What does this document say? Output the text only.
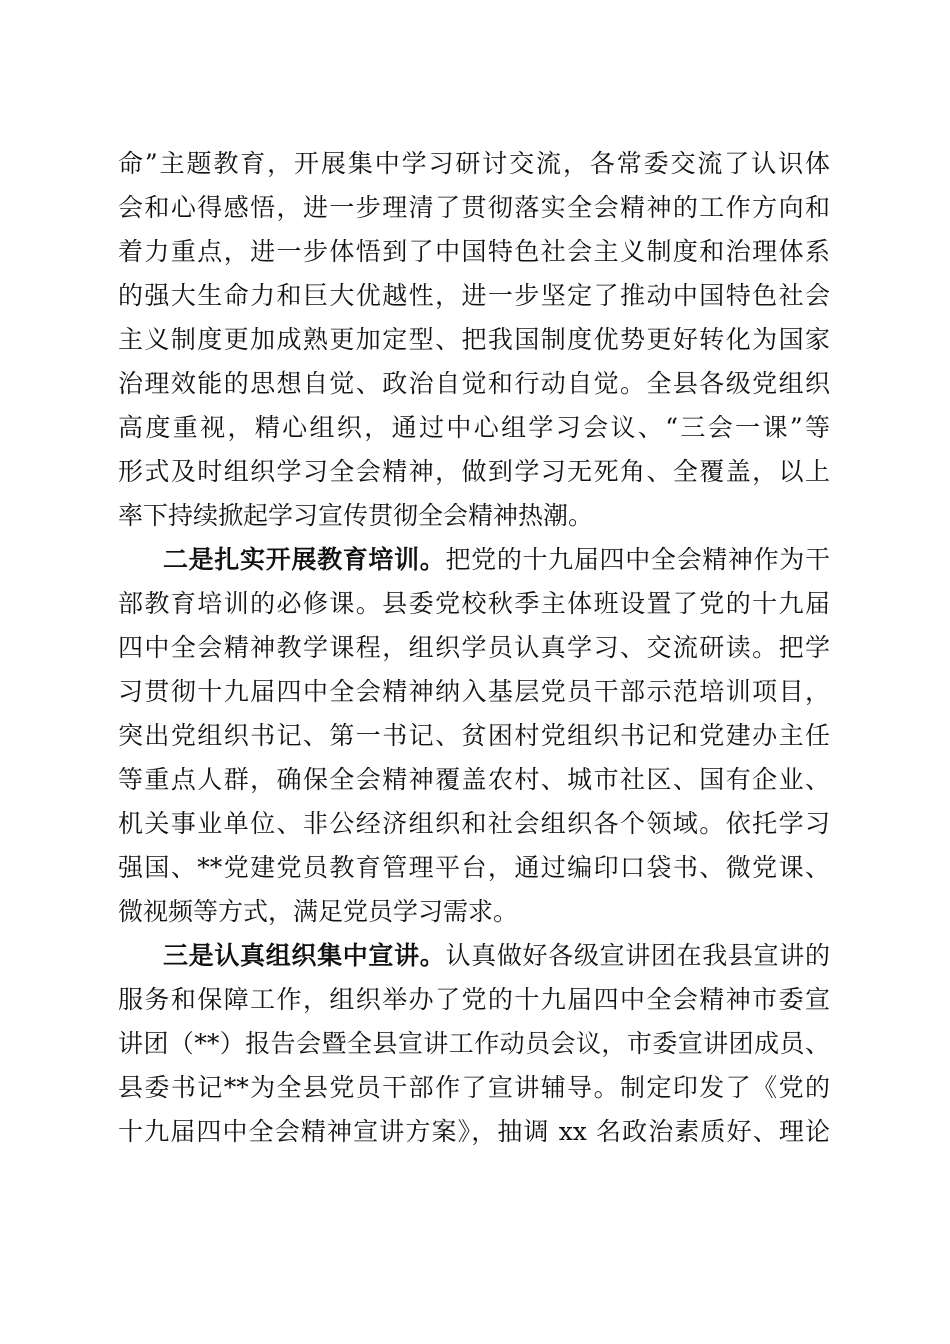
命”主题教育，开展集中学习研讨交流，各常委交流了认识体
会和心得感悟，进一步理清了贯彻落实全会精神的工作方向和
着力重点，进一步体悟到了中国特色社会主义制度和治理体系
的强大生命力和巨大优越性，进一步坚定了推动中国特色社会
主义制度更加成熟更加定型、把我国制度优势更好转化为国家
治理效能的思想自觉、政治自觉和行动自觉。全县各级党组织
高度重视，精心组织，通过中心组学习会议、“三会一课”等
形式及时组织学习全会精神，做到学习无死角、全覆盖，以上
率下持续掀起学习宣传贯彻全会精神热潮。
二是扎实开展教育培训。把党的十九届四中全会精神作为干
部教育培训的必修课。县委党校秋季主体班设置了党的十九届
四中全会精神教学课程，组织学员认真学习、交流研读。把学
习贯彻十九届四中全会精神纳入基层党员干部示范培训项目，
突出党组织书记、第一书记、贫困村党组织书记和党建办主任
等重点人群，确保全会精神覆盖农村、城市社区、国有企业、
机关事业单位、非公经济组织和社会组织各个领域。依托学习
强国、**党建党员教育管理平台，通过编印口袋书、微党课、
微视频等方式，满足党员学习需求。
三是认真组织集中宣讲。认真做好各级宣讲团在我县宣讲的
服务和保障工作，组织举办了党的十九届四中全会精神市委宣
讲团（**）报告会暨全县宣讲工作动员会议，市委宣讲团成员、
县委书记**为全县党员干部作了宣讲辅导。制定印发了《党的
十九届四中全会精神宣讲方案》，抽调 xx 名政治素质好、理论
